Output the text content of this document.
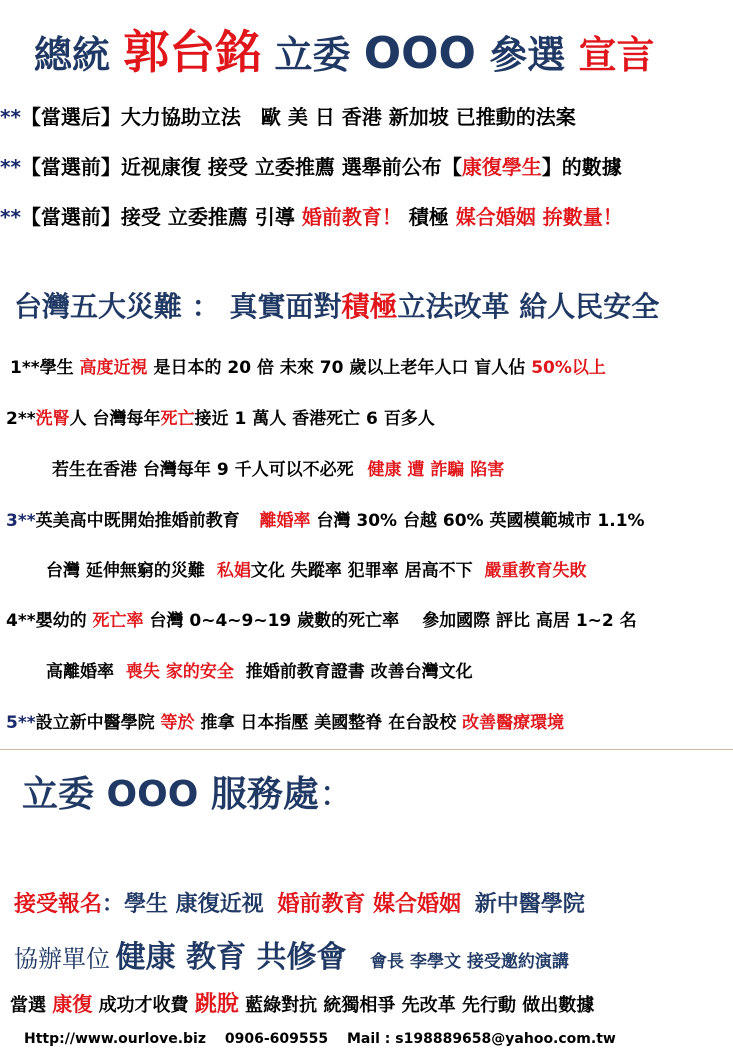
總統 郭台銘 立委 OOO 參選 宣言
**【當選后】大力協助立法　歐 美 日 香港 新加坡 已推動的法案
**【當選前】近视康復 接受 立委推薦 選舉前公布【康復學生】的數據
**【當選前】接受 立委推薦 引導 婚前教育！ 積極 媒合婚姻 拚數量！
台灣五大災難 ： 真實面對積極立法改革 給人民安全
1**學生 高度近視 是日本的 20 倍 未來 70 歲以上老年人口 盲人佔 50%以上
2**洗腎人 台灣每年死亡接近 1 萬人 香港死亡 6 百多人
若生在香港 台灣每年 9 千人可以不必死 健康 遭 詐騙 陷害
3**英美高中既開始推婚前教育 離婚率 台灣 30% 台越 60% 英國模範城市 1.1%
台灣 延伸無窮的災難 私娼文化 失蹤率 犯罪率 居高不下 嚴重教育失敗
4**嬰幼的 死亡率 台灣 0~4~9~19 歲數的死亡率　 參加國際 評比 高居 1~2 名
高離婚率 喪失 家的安全 推婚前教育證書 改善台灣文化
5**設立新中醫學院 等於 推拿 日本指壓 美國整脊 在台設校 改善醫療環境
立委 OOO 服務處：
接受報名：學生 康復近视 婚前教育 媒合婚姻 新中醫學院
協辦單位 健康 教育 共修會 會長 李學文 接受邀約演講
當選 康復 成功才收費 跳脫 藍綠對抗 統獨相爭 先改革 先行動 做出數據
Http://www.ourlove.biz　 0906-609555　 Mail : s198889658@yahoo.com.tw
